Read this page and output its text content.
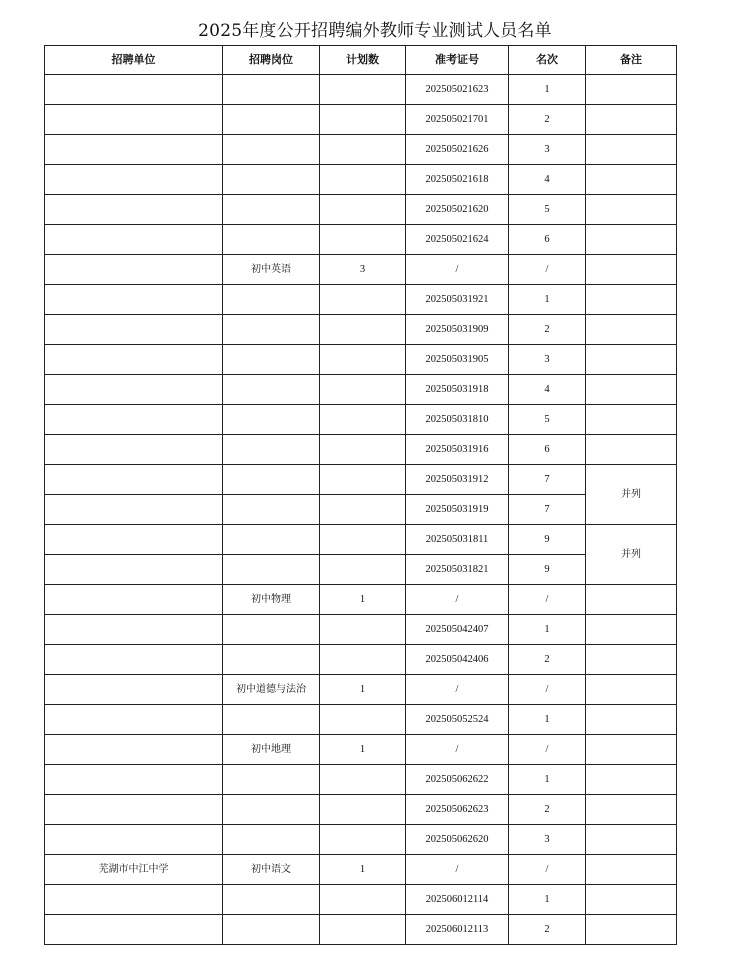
2025年度公开招聘编外教师专业测试人员名单
招聘单位	招聘岗位	计划数	准考证号	名次	备注
			202505021623	1	
			202505021701	2	
			202505021626	3	
			202505021618	4	
			202505021620	5	
			202505021624	6	
	初中英语	3	/	/	
			202505031921	1	
			202505031909	2	
			202505031905	3	
			202505031918	4	
			202505031810	5	
			202505031916	6	
			202505031912	7	并列
			202505031919	7	
			202505031811	9	并列
			202505031821	9	
	初中物理	1	/	/	
			202505042407	1	
			202505042406	2	
	初中道德与法治	1	/	/	
			202505052524	1	
	初中地理	1	/	/	
			202505062622	1	
			202505062623	2	
			202505062620	3	
芜湖市中江中学	初中语文	1	/	/	
			202506012114	1	
			202506012113	2	
